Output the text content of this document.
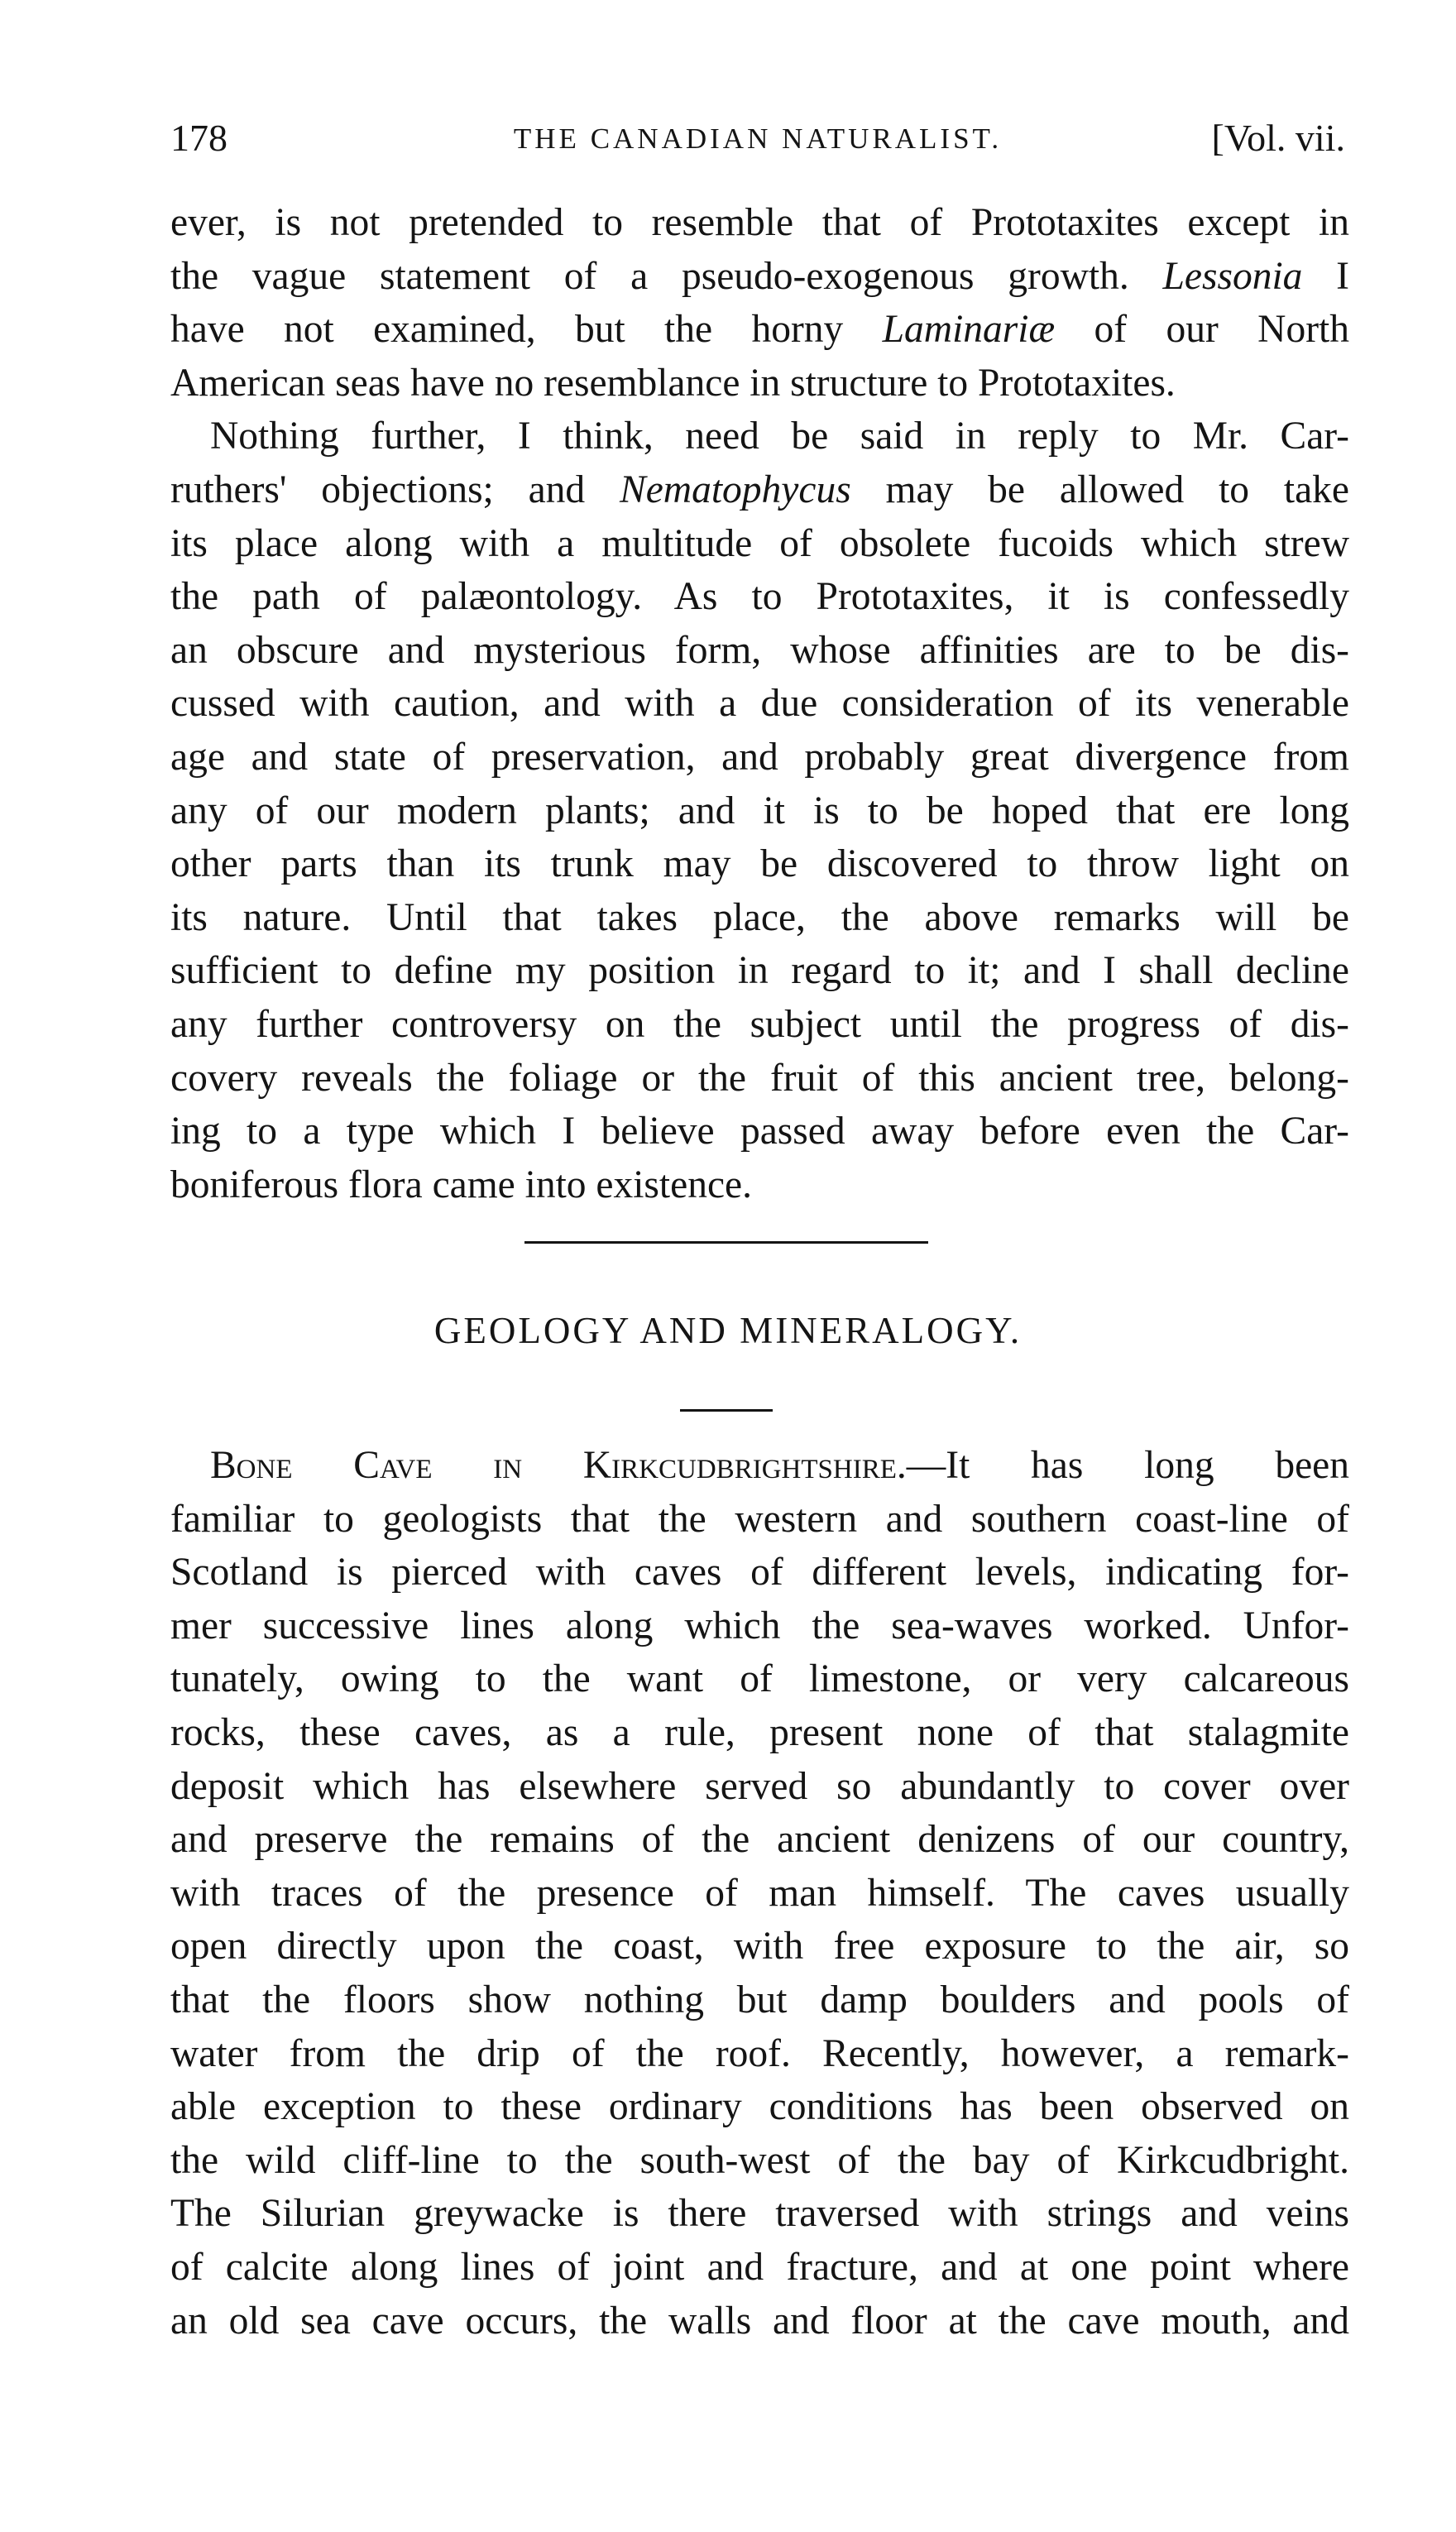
178	THE CANADIAN NATURALIST.	[Vol. vii.

ever, is not pretended to resemble that of Prototaxites except in

the vague statement of a pseudo-exogenous growth. Lessonia I

have not examined, but the horny Laminariæ of our North

American seas have no resemblance in structure to Prototaxites.

Nothing further, I think, need be said in reply to Mr. Car-

ruthers' objections; and Nematophycus may be allowed to take

its place along with a multitude of obsolete fucoids which strew

the path of palæontology. As to Prototaxites, it is confessedly

an obscure and mysterious form, whose affinities are to be dis-

cussed with caution, and with a due consideration of its venerable

age and state of preservation, and probably great divergence from

any of our modern plants; and it is to be hoped that ere long

other parts than its trunk may be discovered to throw light on

its nature. Until that takes place, the above remarks will be

sufficient to define my position in regard to it; and I shall decline

any further controversy on the subject until the progress of dis-

covery reveals the foliage or the fruit of this ancient tree, belong-

ing to a type which I believe passed away before even the Car-

boniferous flora came into existence.

GEOLOGY AND MINERALOGY.

Bone Cave in Kirkcudbrightshire.—It has long been

familiar to geologists that the western and southern coast-line of

Scotland is pierced with caves of different levels, indicating for-

mer successive lines along which the sea-waves worked. Unfor-

tunately, owing to the want of limestone, or very calcareous

rocks, these caves, as a rule, present none of that stalagmite

deposit which has elsewhere served so abundantly to cover over

and preserve the remains of the ancient denizens of our country,

with traces of the presence of man himself. The caves usually

open directly upon the coast, with free exposure to the air, so

that the floors show nothing but damp boulders and pools of

water from the drip of the roof. Recently, however, a remark-

able exception to these ordinary conditions has been observed on

the wild cliff-line to the south-west of the bay of Kirkcudbright.

The Silurian greywacke is there traversed with strings and veins

of calcite along lines of joint and fracture, and at one point where

an old sea cave occurs, the walls and floor at the cave mouth, and
